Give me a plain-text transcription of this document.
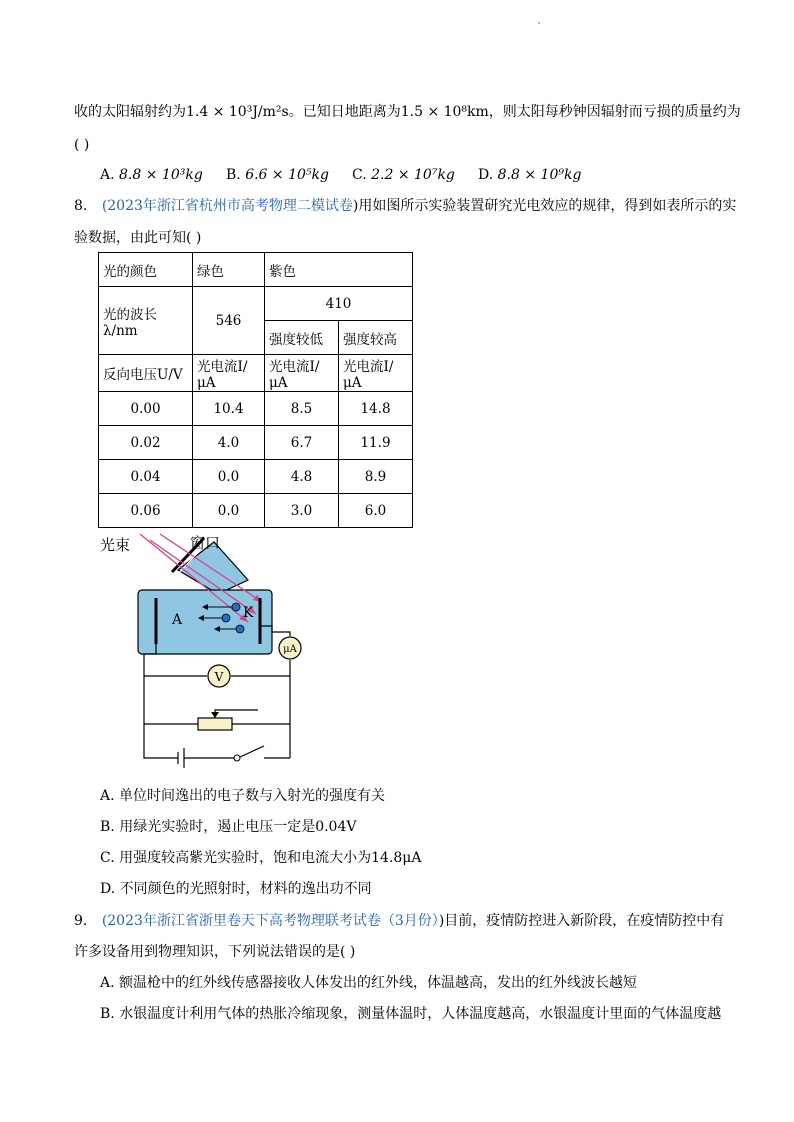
收的太阳辐射约为1.4 × 10³J/m²s。已知日地距离为1.5 × 10⁸km，则太阳每秒钟因辐射而亏损的质量约为
( )
A. 8.8 × 10³kg B. 6.6 × 10⁵kg C. 2.2 × 10⁷kg D. 8.8 × 10⁹kg
8. (2023年浙江省杭州市高考物理二模试卷)用如图所示实验装置研究光电效应的规律，得到如表所示的实
验数据，由此可知( )
光的颜色	绿色	紫色	
光的波长λ/nm	546	410	
		强度较低	强度较高
反向电压U/V	光电流I/μA	光电流I/μA	光电流I/μA
0.00	10.4	8.5	14.8
0.02	4.0	6.7	11.9
0.04	0.0	4.8	8.9
0.06	0.0	3.0	6.0
A	K
μA
V
光束	窗口
A. 单位时间逸出的电子数与入射光的强度有关
B. 用绿光实验时，遏止电压一定是0.04V
C. 用强度较高紫光实验时，饱和电流大小为14.8μA
D. 不同颜色的光照射时，材料的逸出功不同
9. (2023年浙江省浙里卷天下高考物理联考试卷（3月份）)目前，疫情防控进入新阶段，在疫情防控中有
许多设备用到物理知识，下列说法错误的是( )
A. 额温枪中的红外线传感器接收人体发出的红外线，体温越高，发出的红外线波长越短
B. 水银温度计利用气体的热胀冷缩现象，测量体温时，人体温度越高，水银温度计里面的气体温度越
